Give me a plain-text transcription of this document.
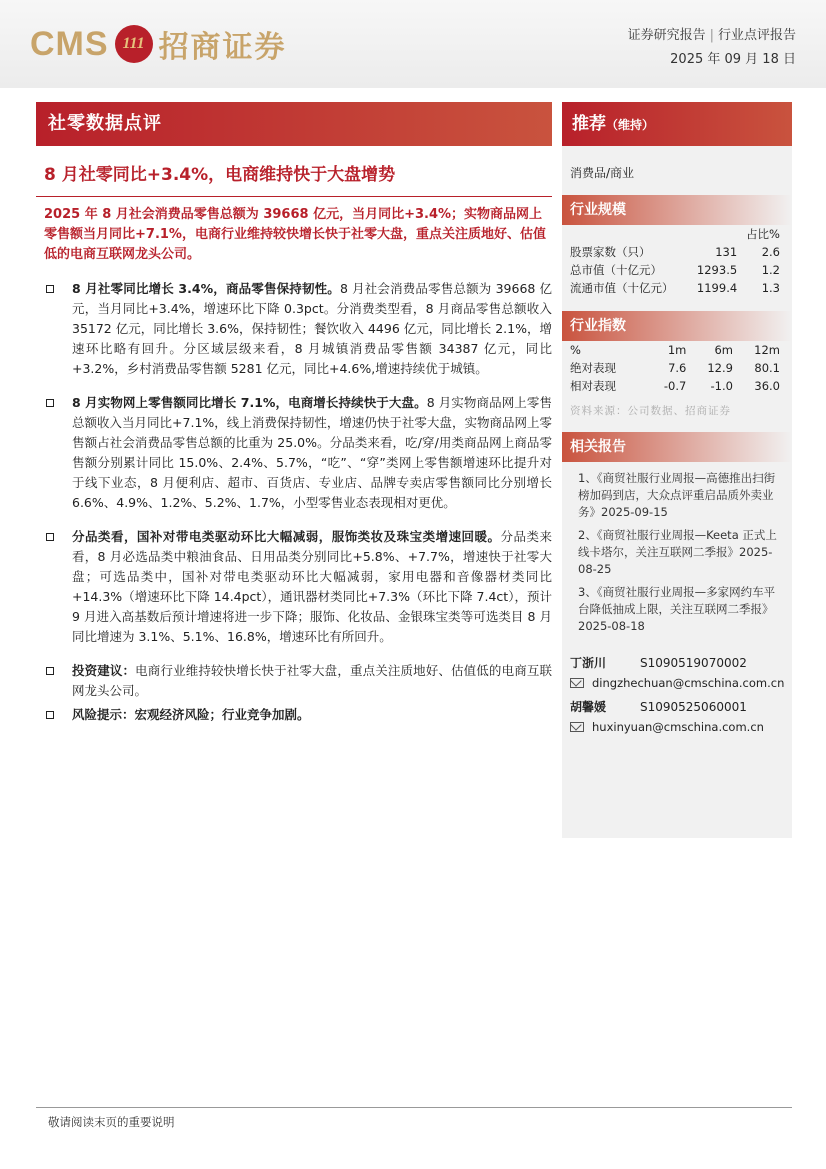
CMS 111 招商证券	证券研究报告 | 行业点评报告
2025 年 09 月 18 日
社零数据点评
8 月社零同比+3.4%，电商维持快于大盘增势
2025 年 8 月社会消费品零售总额为 39668 亿元，当月同比+3.4%；实物商品网上零售额当月同比+7.1%，电商行业维持较快增长快于社零大盘，重点关注质地好、估值低的电商互联网龙头公司。
8 月社零同比增长 3.4%，商品零售保持韧性。8 月社会消费品零售总额为 39668 亿元，当月同比+3.4%，增速环比下降 0.3pct。分消费类型看，8 月商品零售总额收入 35172 亿元，同比增长 3.6%，保持韧性；餐饮收入 4496 亿元，同比增长 2.1%，增速环比略有回升。分区域层级来看，8 月城镇消费品零售额 34387 亿元，同比+3.2%，乡村消费品零售额 5281 亿元，同比+4.6%,增速持续优于城镇。
8 月实物网上零售额同比增长 7.1%，电商增长持续快于大盘。8 月实物商品网上零售总额收入当月同比+7.1%，线上消费保持韧性，增速仍快于社零大盘，实物商品网上零售额占社会消费品零售总额的比重为 25.0%。分品类来看，吃/穿/用类商品网上商品零售额分别累计同比 15.0%、2.4%、5.7%，“吃”、“穿”类网上零售额增速环比提升对于线下业态，8 月便利店、超市、百货店、专业店、品牌专卖店零售额同比分别增长 6.6%、4.9%、1.2%、5.2%、1.7%，小型零售业态表现相对更优。
分品类看，国补对带电类驱动环比大幅减弱，服饰类妆及珠宝类增速回暖。分品类来看，8 月必选品类中粮油食品、日用品类分别同比+5.8%、+7.7%，增速快于社零大盘；可选品类中，国补对带电类驱动环比大幅减弱，家用电器和音像器材类同比+14.3%（增速环比下降 14.4pct），通讯器材类同比+7.3%（环比下降 7.4ct），预计 9 月进入高基数后预计增速将进一步下降；服饰、化妆品、金银珠宝类等可选类目 8 月同比增速为 3.1%、5.1%、16.8%，增速环比有所回升。
投资建议：电商行业维持较快增长快于社零大盘，重点关注质地好、估值低的电商互联网龙头公司。
风险提示：宏观经济风险；行业竞争加剧。
推荐（维持）
消费品/商业
行业规模
		占比%
股票家数（只）	131	2.6
总市值（十亿元）	1293.5	1.2
流通市值（十亿元）	1199.4	1.3
行业指数
%	1m	6m	12m
绝对表现	7.6	12.9	80.1
相对表现	-0.7	-1.0	36.0
资料来源：公司数据、招商证券
相关报告
1、《商贸社服行业周报—高德推出扫街榜加码到店，大众点评重启品质外卖业务》2025-09-15
2、《商贸社服行业周报—Keeta 正式上线卡塔尔，关注互联网二季报》2025-08-25
3、《商贸社服行业周报—多家网约车平台降低抽成上限，关注互联网二季报》2025-08-18
丁浙川	S1090519070002
dingzhechuan@cmschina.com.cn
胡馨媛	S1090525060001
huxinyuan@cmschina.com.cn
敬请阅读末页的重要说明
